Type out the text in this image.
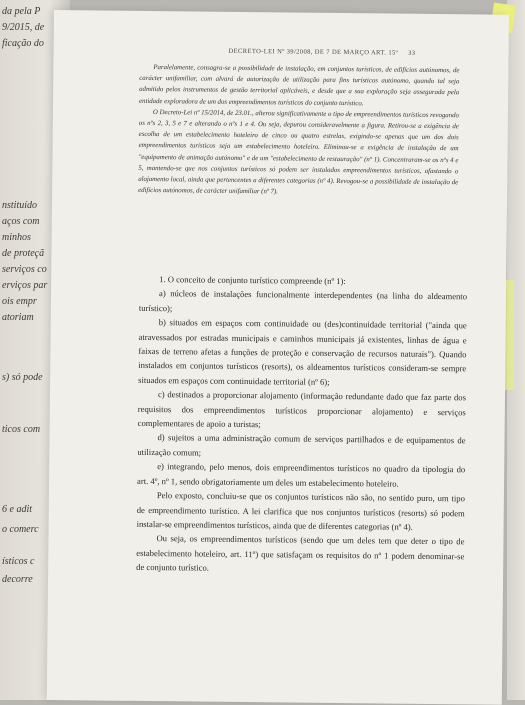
da pela P
9/2015, de
ficação do
nstituído
aços com
minhos
de proteçã
serviços co
erviços par
ois empr
atoriam
s) só pode
ticos com
6 e adit
o comerc
ísticos c
decorre
DECRETO-LEI Nº 39/2008, DE 7 DE MARÇO ART. 15º 33

Paralelamente, consagra-se a possibilidade de instalação, em conjuntos turísticos, de edifícios autónomos, de carácter unifamiliar, com alvará de autorização de utilização para fins turísticos autónomo, quando tal seja admitido pelos instrumentos de gestão territorial aplicáveis, e desde que a sua exploração seja assegurada pela entidade exploradora de um dos empreendimentos turísticos do conjunto turístico.

O Decreto-Lei nº 15/2014, de 23.01., alterou significativamente o tipo de empreendimentos turísticos revogando os nºs 2, 3, 5 e 7 e alterando o nºs 1 e 4. Ou seja, depurou consideravelmente a figura. Retirou-se a exigência de escolha de um estabelecimento hoteleiro de cinco ou quatro estrelas, exigindo-se apenas que um dos dois empreendimentos turísticos seja um estabelecimento hoteleiro. Eliminou-se a exigência de instalação de um "equipamento de animação autónomo" e de um "estabelecimento de restauração" (nº 1). Concentraram-se os nºs 4 e 5, mantendo-se que nos conjuntos turísticos só podem ser instalados empreendimentos turísticos, afastando o alojamento local, ainda que pertencentes a diferentes categorias (nº 4). Revogou-se a possibilidade de instalação de edifícios autónomos, de carácter unifamiliar (nº 7).

1. O conceito de conjunto turístico compreende (nº 1):

a) núcleos de instalações funcionalmente interdependentes (na linha do aldeamento turístico);

b) situados em espaços com continuidade ou (des)continuidade territorial ("ainda que atravessados por estradas municipais e caminhos municipais já existentes, linhas de água e faixas de terreno afetas a funções de proteção e conservação de recursos naturais"). Quando instalados em conjuntos turísticos (resorts), os aldeamentos turísticos consideram-se sempre situados em espaços com continuidade territorial (nº 6);

c) destinados a proporcionar alojamento (informação redundante dado que faz parte dos requisitos dos empreendimentos turísticos proporcionar alojamento) e serviços complementares de apoio a turistas;

d) sujeitos a uma administração comum de serviços partilhados e de equipamentos de utilização comum;

e) integrando, pelo menos, dois empreendimentos turísticos no quadro da tipologia do art. 4º, nº 1, sendo obrigatoriamente um deles um estabelecimento hoteleiro.

Pelo exposto, concluiu-se que os conjuntos turísticos não são, no sentido puro, um tipo de empreendimento turístico. A lei clarifica que nos conjuntos turísticos (resorts) só podem instalar-se empreendimentos turísticos, ainda que de diferentes categorias (nº 4).

Ou seja, os empreendimentos turísticos (sendo que um deles tem que deter o tipo de estabelecimento hoteleiro, art. 11º) que satisfaçam os requisitos do nº 1 podem denominar-se de conjunto turístico.
